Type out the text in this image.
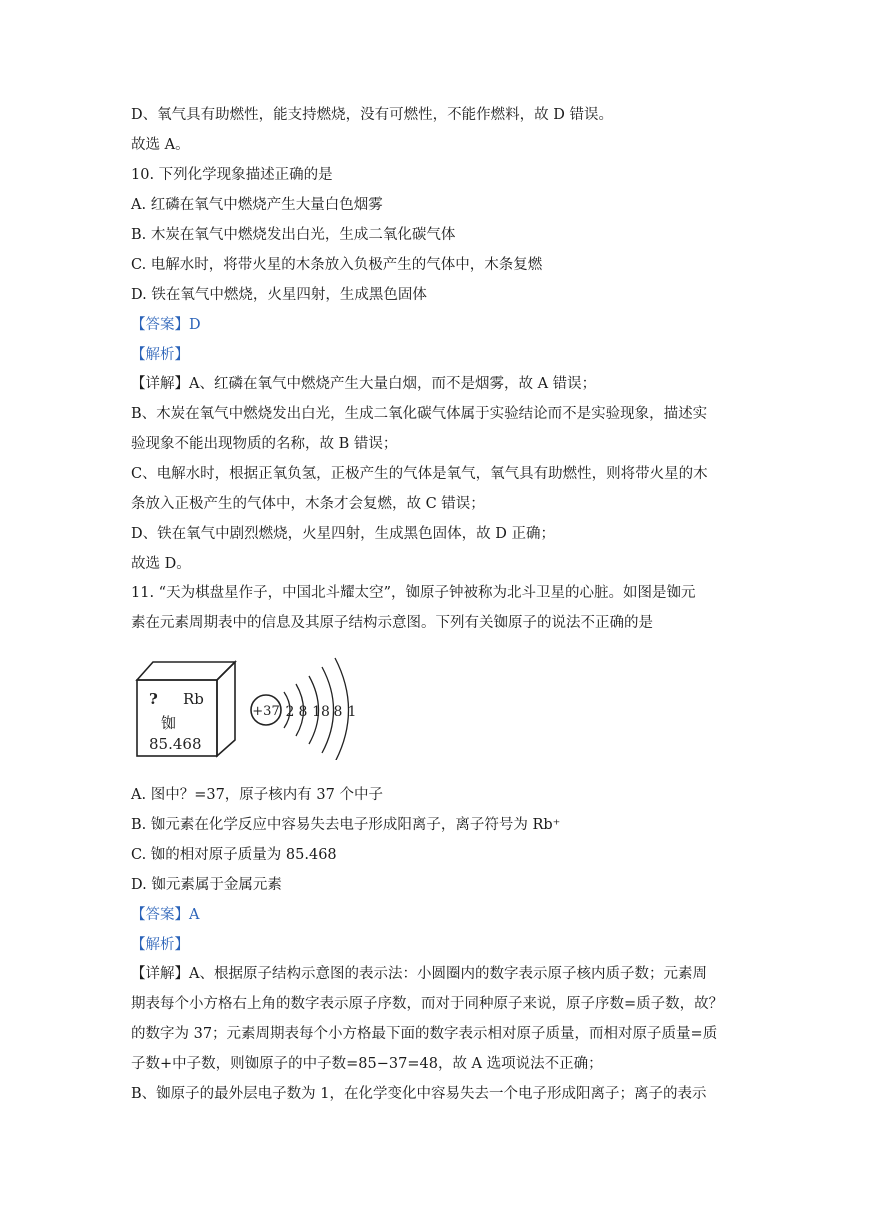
D、氧气具有助燃性，能支持燃烧，没有可燃性，不能作燃料，故 D 错误。
故选 A。
10. 下列化学现象描述正确的是
A. 红磷在氧气中燃烧产生大量白色烟雾
B. 木炭在氧气中燃烧发出白光，生成二氧化碳气体
C. 电解水时，将带火星的木条放入负极产生的气体中，木条复燃
D. 铁在氧气中燃烧，火星四射，生成黑色固体
【答案】D
【解析】
【详解】A、红磷在氧气中燃烧产生大量白烟，而不是烟雾，故 A 错误；
B、木炭在氧气中燃烧发出白光，生成二氧化碳气体属于实验结论而不是实验现象，描述实
验现象不能出现物质的名称，故 B 错误；
C、电解水时，根据正氧负氢，正极产生的气体是氧气，氧气具有助燃性，则将带火星的木
条放入正极产生的气体中，木条才会复燃，故 C 错误；
D、铁在氧气中剧烈燃烧，火星四射，生成黑色固体，故 D 正确；
故选 D。
11. “天为棋盘星作子，中国北斗耀太空”，铷原子钟被称为北斗卫星的心脏。如图是铷元
素在元素周期表中的信息及其原子结构示意图。下列有关铷原子的说法不正确的是
? Rb
铷
85.468
+37 2 8 18 8 1
A. 图中？=37，原子核内有 37 个中子
B. 铷元素在化学反应中容易失去电子形成阳离子，离子符号为 Rb⁺
C. 铷的相对原子质量为 85.468
D. 铷元素属于金属元素
【答案】A
【解析】
【详解】A、根据原子结构示意图的表示法：小圆圈内的数字表示原子核内质子数；元素周
期表每个小方格右上角的数字表示原子序数，而对于同种原子来说，原子序数=质子数，故？
的数字为 37；元素周期表每个小方格最下面的数字表示相对原子质量，而相对原子质量=质
子数+中子数，则铷原子的中子数=85−37=48，故 A 选项说法不正确；
B、铷原子的最外层电子数为 1，在化学变化中容易失去一个电子形成阳离子；离子的表示
